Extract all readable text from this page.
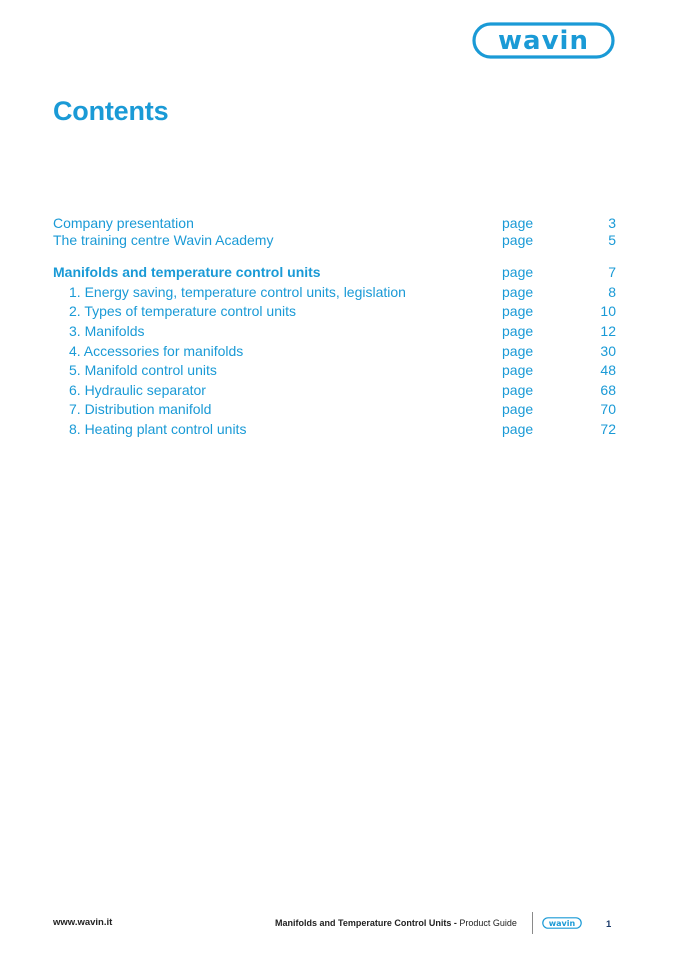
wavin
Contents
Company presentation	page	3
The training centre Wavin Academy	page	5
Manifolds and temperature control units	page	7
1. Energy saving, temperature control units, legislation	page	8
2. Types of temperature control units	page	10
3. Manifolds	page	12
4. Accessories for manifolds	page	30
5. Manifold control units	page	48
6. Hydraulic separator	page	68
7. Distribution manifold	page	70
8. Heating plant control units	page	72
www.wavin.it	Manifolds and Temperature Control Units - Product Guide	wavin	1
